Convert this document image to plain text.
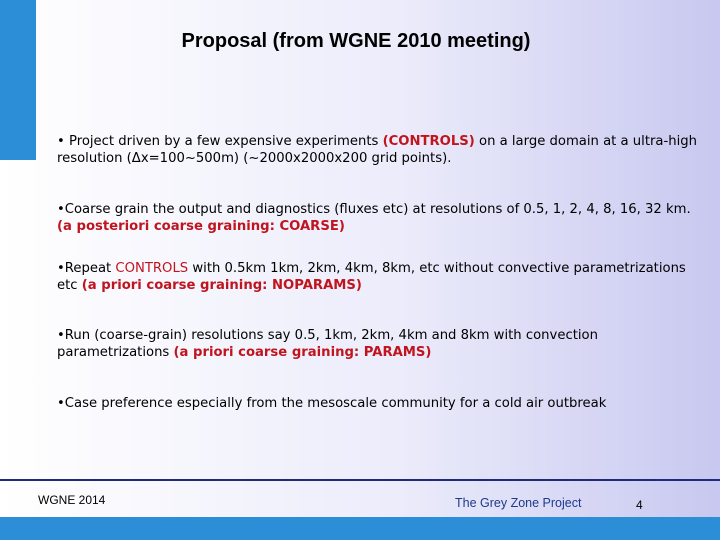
Proposal (from WGNE 2010 meeting)
• Project driven by a few expensive experiments (CONTROLS) on a large domain at a ultra-high resolution (Δx=100~500m) (~2000x2000x200 grid points).
•Coarse grain the output and diagnostics (fluxes etc) at resolutions of 0.5, 1, 2, 4, 8, 16, 32 km. (a posteriori coarse graining: COARSE)
•Repeat CONTROLS with 0.5km 1km, 2km, 4km, 8km, etc without convective parametrizations etc (a priori coarse graining: NOPARAMS)
•Run (coarse-grain) resolutions say 0.5, 1km, 2km, 4km and 8km with convection parametrizations (a priori coarse graining: PARAMS)
•Case preference especially from the mesoscale community for a cold air outbreak
WGNE 2014	The Grey Zone Project	4
